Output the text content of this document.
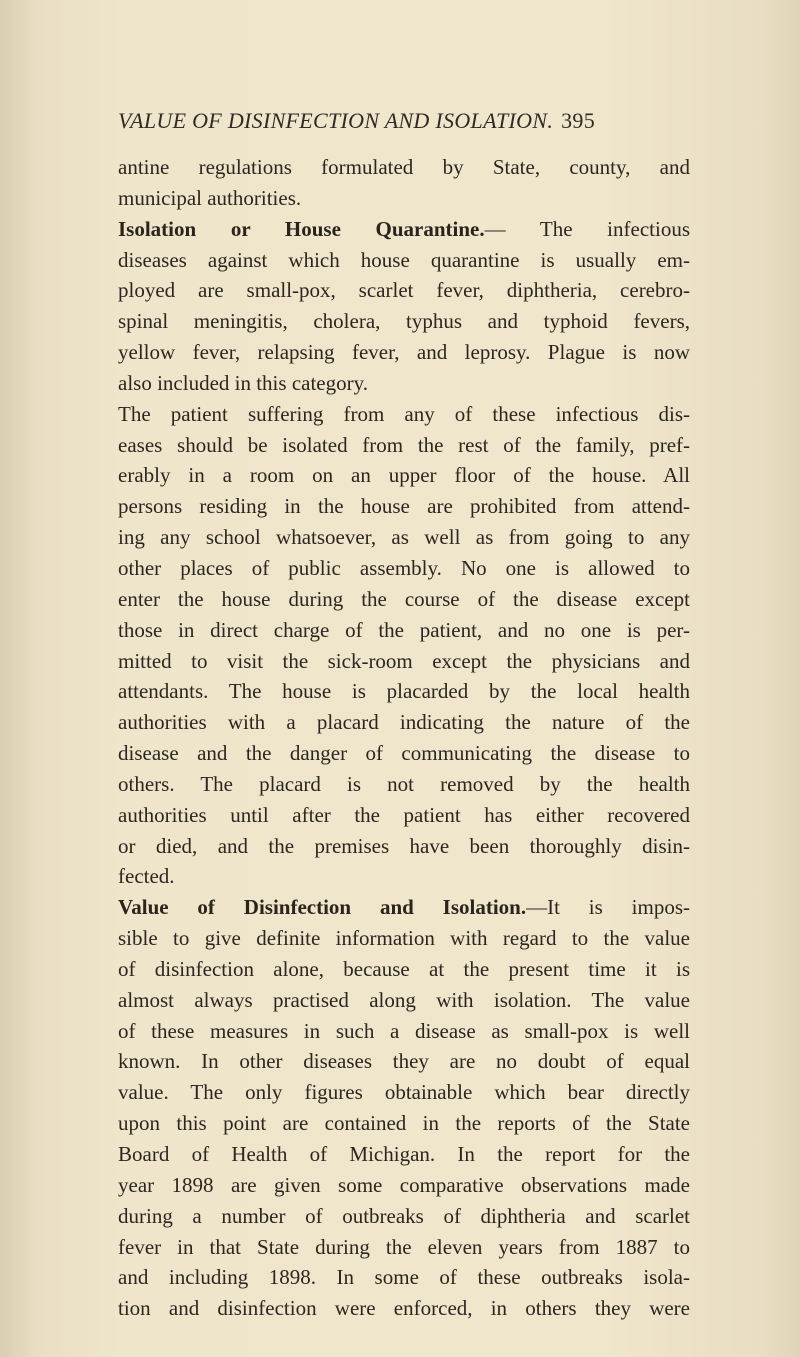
VALUE OF DISINFECTION AND ISOLATION. 395
antine regulations formulated by State, county, and
municipal authorities.
Isolation or House Quarantine.— The infectious
diseases against which house quarantine is usually em-
ployed are small-pox, scarlet fever, diphtheria, cerebro-
spinal meningitis, cholera, typhus and typhoid fevers,
yellow fever, relapsing fever, and leprosy. Plague is now
also included in this category.
The patient suffering from any of these infectious dis-
eases should be isolated from the rest of the family, pref-
erably in a room on an upper floor of the house. All
persons residing in the house are prohibited from attend-
ing any school whatsoever, as well as from going to any
other places of public assembly. No one is allowed to
enter the house during the course of the disease except
those in direct charge of the patient, and no one is per-
mitted to visit the sick-room except the physicians and
attendants. The house is placarded by the local health
authorities with a placard indicating the nature of the
disease and the danger of communicating the disease to
others. The placard is not removed by the health
authorities until after the patient has either recovered
or died, and the premises have been thoroughly disin-
fected.
Value of Disinfection and Isolation.—It is impos-
sible to give definite information with regard to the value
of disinfection alone, because at the present time it is
almost always practised along with isolation. The value
of these measures in such a disease as small-pox is well
known. In other diseases they are no doubt of equal
value. The only figures obtainable which bear directly
upon this point are contained in the reports of the State
Board of Health of Michigan. In the report for the
year 1898 are given some comparative observations made
during a number of outbreaks of diphtheria and scarlet
fever in that State during the eleven years from 1887 to
and including 1898. In some of these outbreaks isola-
tion and disinfection were enforced, in others they were
